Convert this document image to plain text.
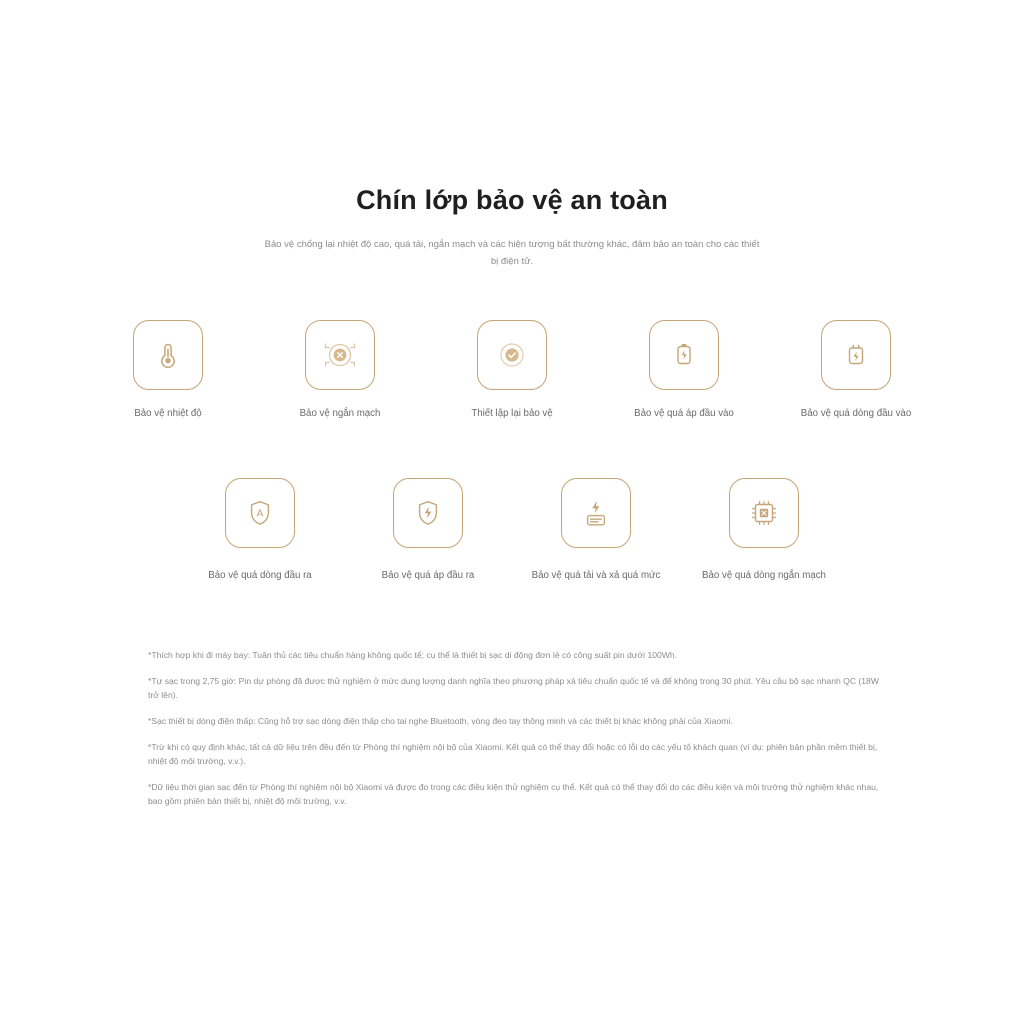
Chín lớp bảo vệ an toàn
Bảo vệ chống lại nhiệt độ cao, quá tải, ngắn mạch và các hiện tượng bất thường khác, đảm bảo an toàn cho các thiết bị điện tử.
Bảo vệ nhiệt độ	Bảo vệ ngắn mạch	Thiết lập lại bảo vệ	Bảo vệ quá áp đầu vào	Bảo vệ quá dòng đầu vào
A
Bảo vệ quá dòng đầu ra	Bảo vệ quá áp đầu ra	Bảo vệ quá tải và xả quá mức	Bảo vệ quá dòng ngắn mạch
*Thích hợp khi đi máy bay: Tuân thủ các tiêu chuẩn hàng không quốc tế; cụ thể là thiết bị sạc di động đơn lẻ có công suất pin dưới 100Wh.
*Tự sạc trong 2,75 giờ: Pin dự phòng đã được thử nghiệm ở mức dung lượng danh nghĩa theo phương pháp xả tiêu chuẩn quốc tế và để không trong 30 phút. Yêu cầu bộ sạc nhanh QC (18W trở lên).
*Sạc thiết bị dòng điện thấp: Cũng hỗ trợ sạc dòng điện thấp cho tai nghe Bluetooth, vòng đeo tay thông minh và các thiết bị khác không phải của Xiaomi.
*Trừ khi có quy định khác, tất cả dữ liệu trên đều đến từ Phòng thí nghiệm nội bộ của Xiaomi. Kết quả có thể thay đổi hoặc có lỗi do các yếu tố khách quan (ví dụ: phiên bản phần mềm thiết bị, nhiệt độ môi trường, v.v.).
*Dữ liệu thời gian sạc đến từ Phòng thí nghiệm nội bộ Xiaomi và được đo trong các điều kiện thử nghiệm cụ thể. Kết quả có thể thay đổi do các điều kiện và môi trường thử nghiệm khác nhau, bao gồm phiên bản thiết bị, nhiệt độ môi trường, v.v.
